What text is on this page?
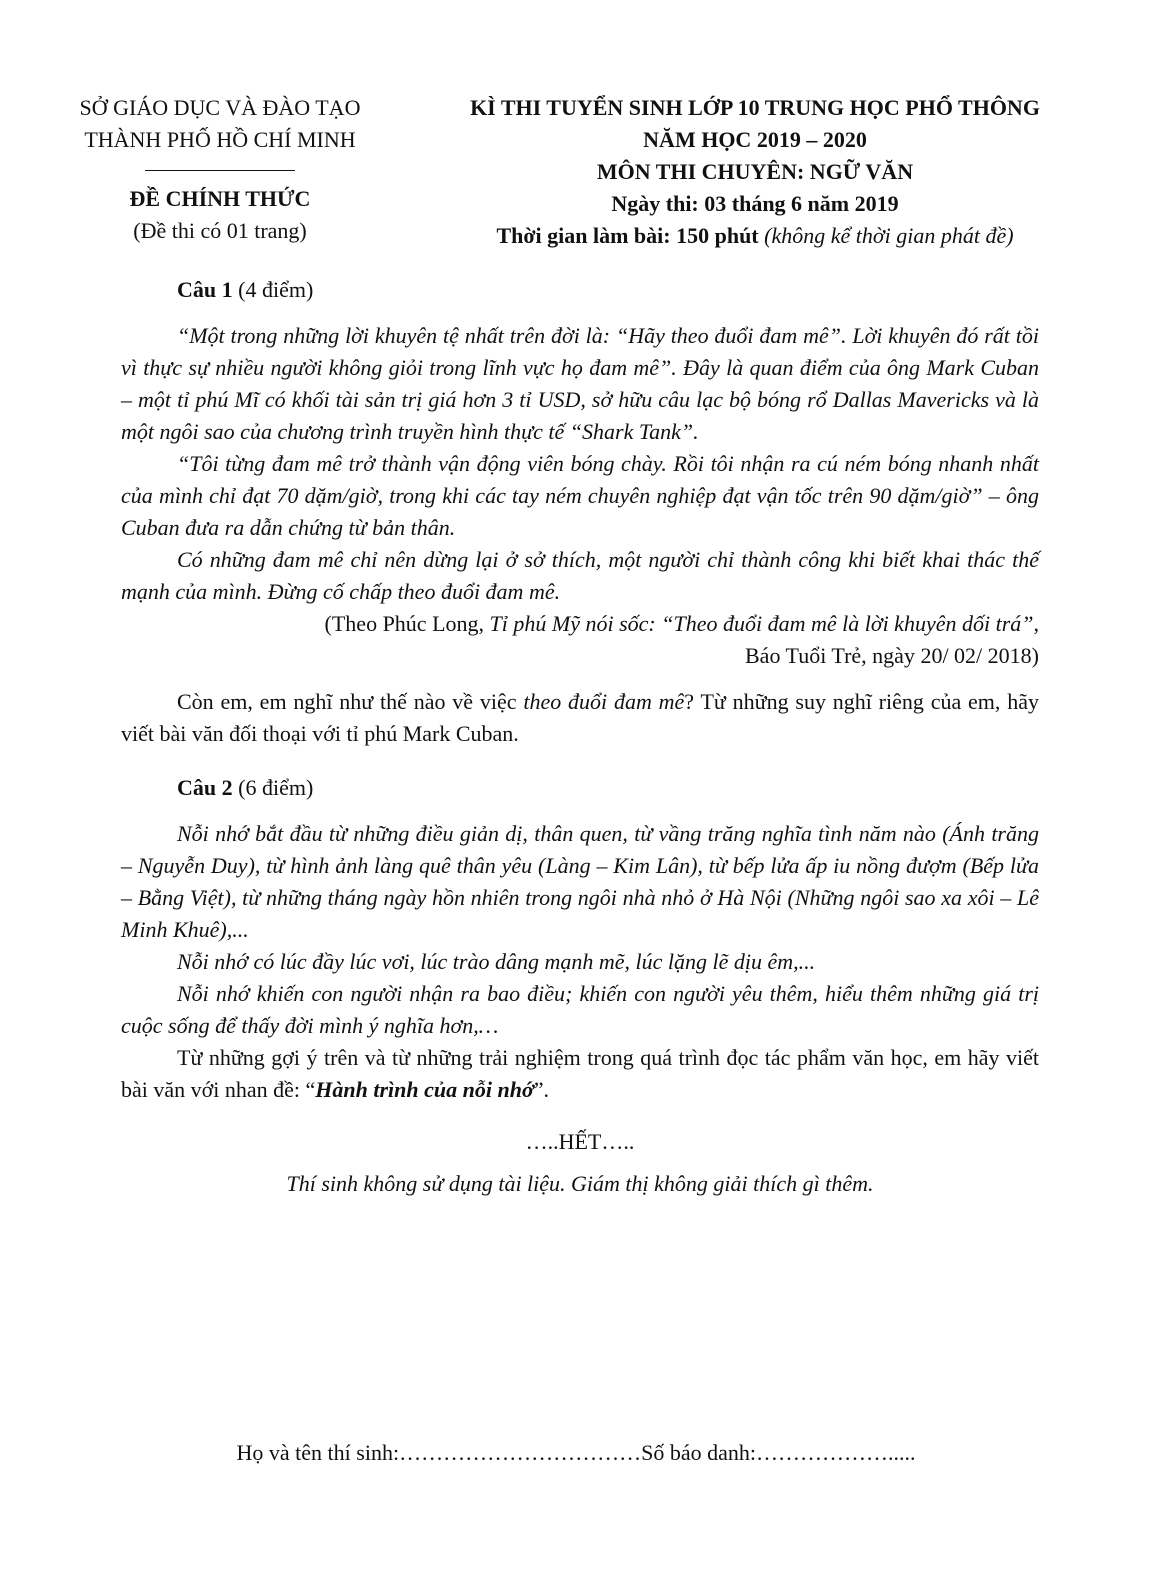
SỞ GIÁO DỤC VÀ ĐÀO TẠO
THÀNH PHỐ HỒ CHÍ MINH
ĐỀ CHÍNH THỨC
(Đề thi có 01 trang)
KÌ THI TUYỂN SINH LỚP 10 TRUNG HỌC PHỔ THÔNG
NĂM HỌC 2019 – 2020
MÔN THI CHUYÊN: NGỮ VĂN
Ngày thi: 03 tháng 6 năm 2019
Thời gian làm bài: 150 phút (không kể thời gian phát đề)

Câu 1 (4 điểm)

“Một trong những lời khuyên tệ nhất trên đời là: “Hãy theo đuổi đam mê”. Lời khuyên đó rất tồi vì thực sự nhiều người không giỏi trong lĩnh vực họ đam mê”. Đây là quan điểm của ông Mark Cuban – một tỉ phú Mĩ có khối tài sản trị giá hơn 3 tỉ USD, sở hữu câu lạc bộ bóng rổ Dallas Mavericks và là một ngôi sao của chương trình truyền hình thực tế “Shark Tank”.

“Tôi từng đam mê trở thành vận động viên bóng chày. Rồi tôi nhận ra cú ném bóng nhanh nhất của mình chỉ đạt 70 dặm/giờ, trong khi các tay ném chuyên nghiệp đạt vận tốc trên 90 dặm/giờ” – ông Cuban đưa ra dẫn chứng từ bản thân.

Có những đam mê chỉ nên dừng lại ở sở thích, một người chỉ thành công khi biết khai thác thế mạnh của mình. Đừng cố chấp theo đuổi đam mê.

(Theo Phúc Long, Tỉ phú Mỹ nói sốc: “Theo đuổi đam mê là lời khuyên dối trá”,
Báo Tuổi Trẻ, ngày 20/ 02/ 2018)

Còn em, em nghĩ như thế nào về việc theo đuổi đam mê? Từ những suy nghĩ riêng của em, hãy viết bài văn đối thoại với tỉ phú Mark Cuban.

Câu 2 (6 điểm)

Nỗi nhớ bắt đầu từ những điều giản dị, thân quen, từ vầng trăng nghĩa tình năm nào (Ánh trăng – Nguyễn Duy), từ hình ảnh làng quê thân yêu (Làng – Kim Lân), từ bếp lửa ấp iu nồng đượm (Bếp lửa – Bằng Việt), từ những tháng ngày hồn nhiên trong ngôi nhà nhỏ ở Hà Nội (Những ngôi sao xa xôi – Lê Minh Khuê),...

Nỗi nhớ có lúc đầy lúc vơi, lúc trào dâng mạnh mẽ, lúc lặng lẽ dịu êm,...

Nỗi nhớ khiến con người nhận ra bao điều; khiến con người yêu thêm, hiểu thêm những giá trị cuộc sống để thấy đời mình ý nghĩa hơn,…

Từ những gợi ý trên và từ những trải nghiệm trong quá trình đọc tác phẩm văn học, em hãy viết bài văn với nhan đề: “Hành trình của nỗi nhớ”.

…..HẾT…..

Thí sinh không sử dụng tài liệu. Giám thị không giải thích gì thêm.

Họ và tên thí sinh:……………………………Số báo danh:……………….....
